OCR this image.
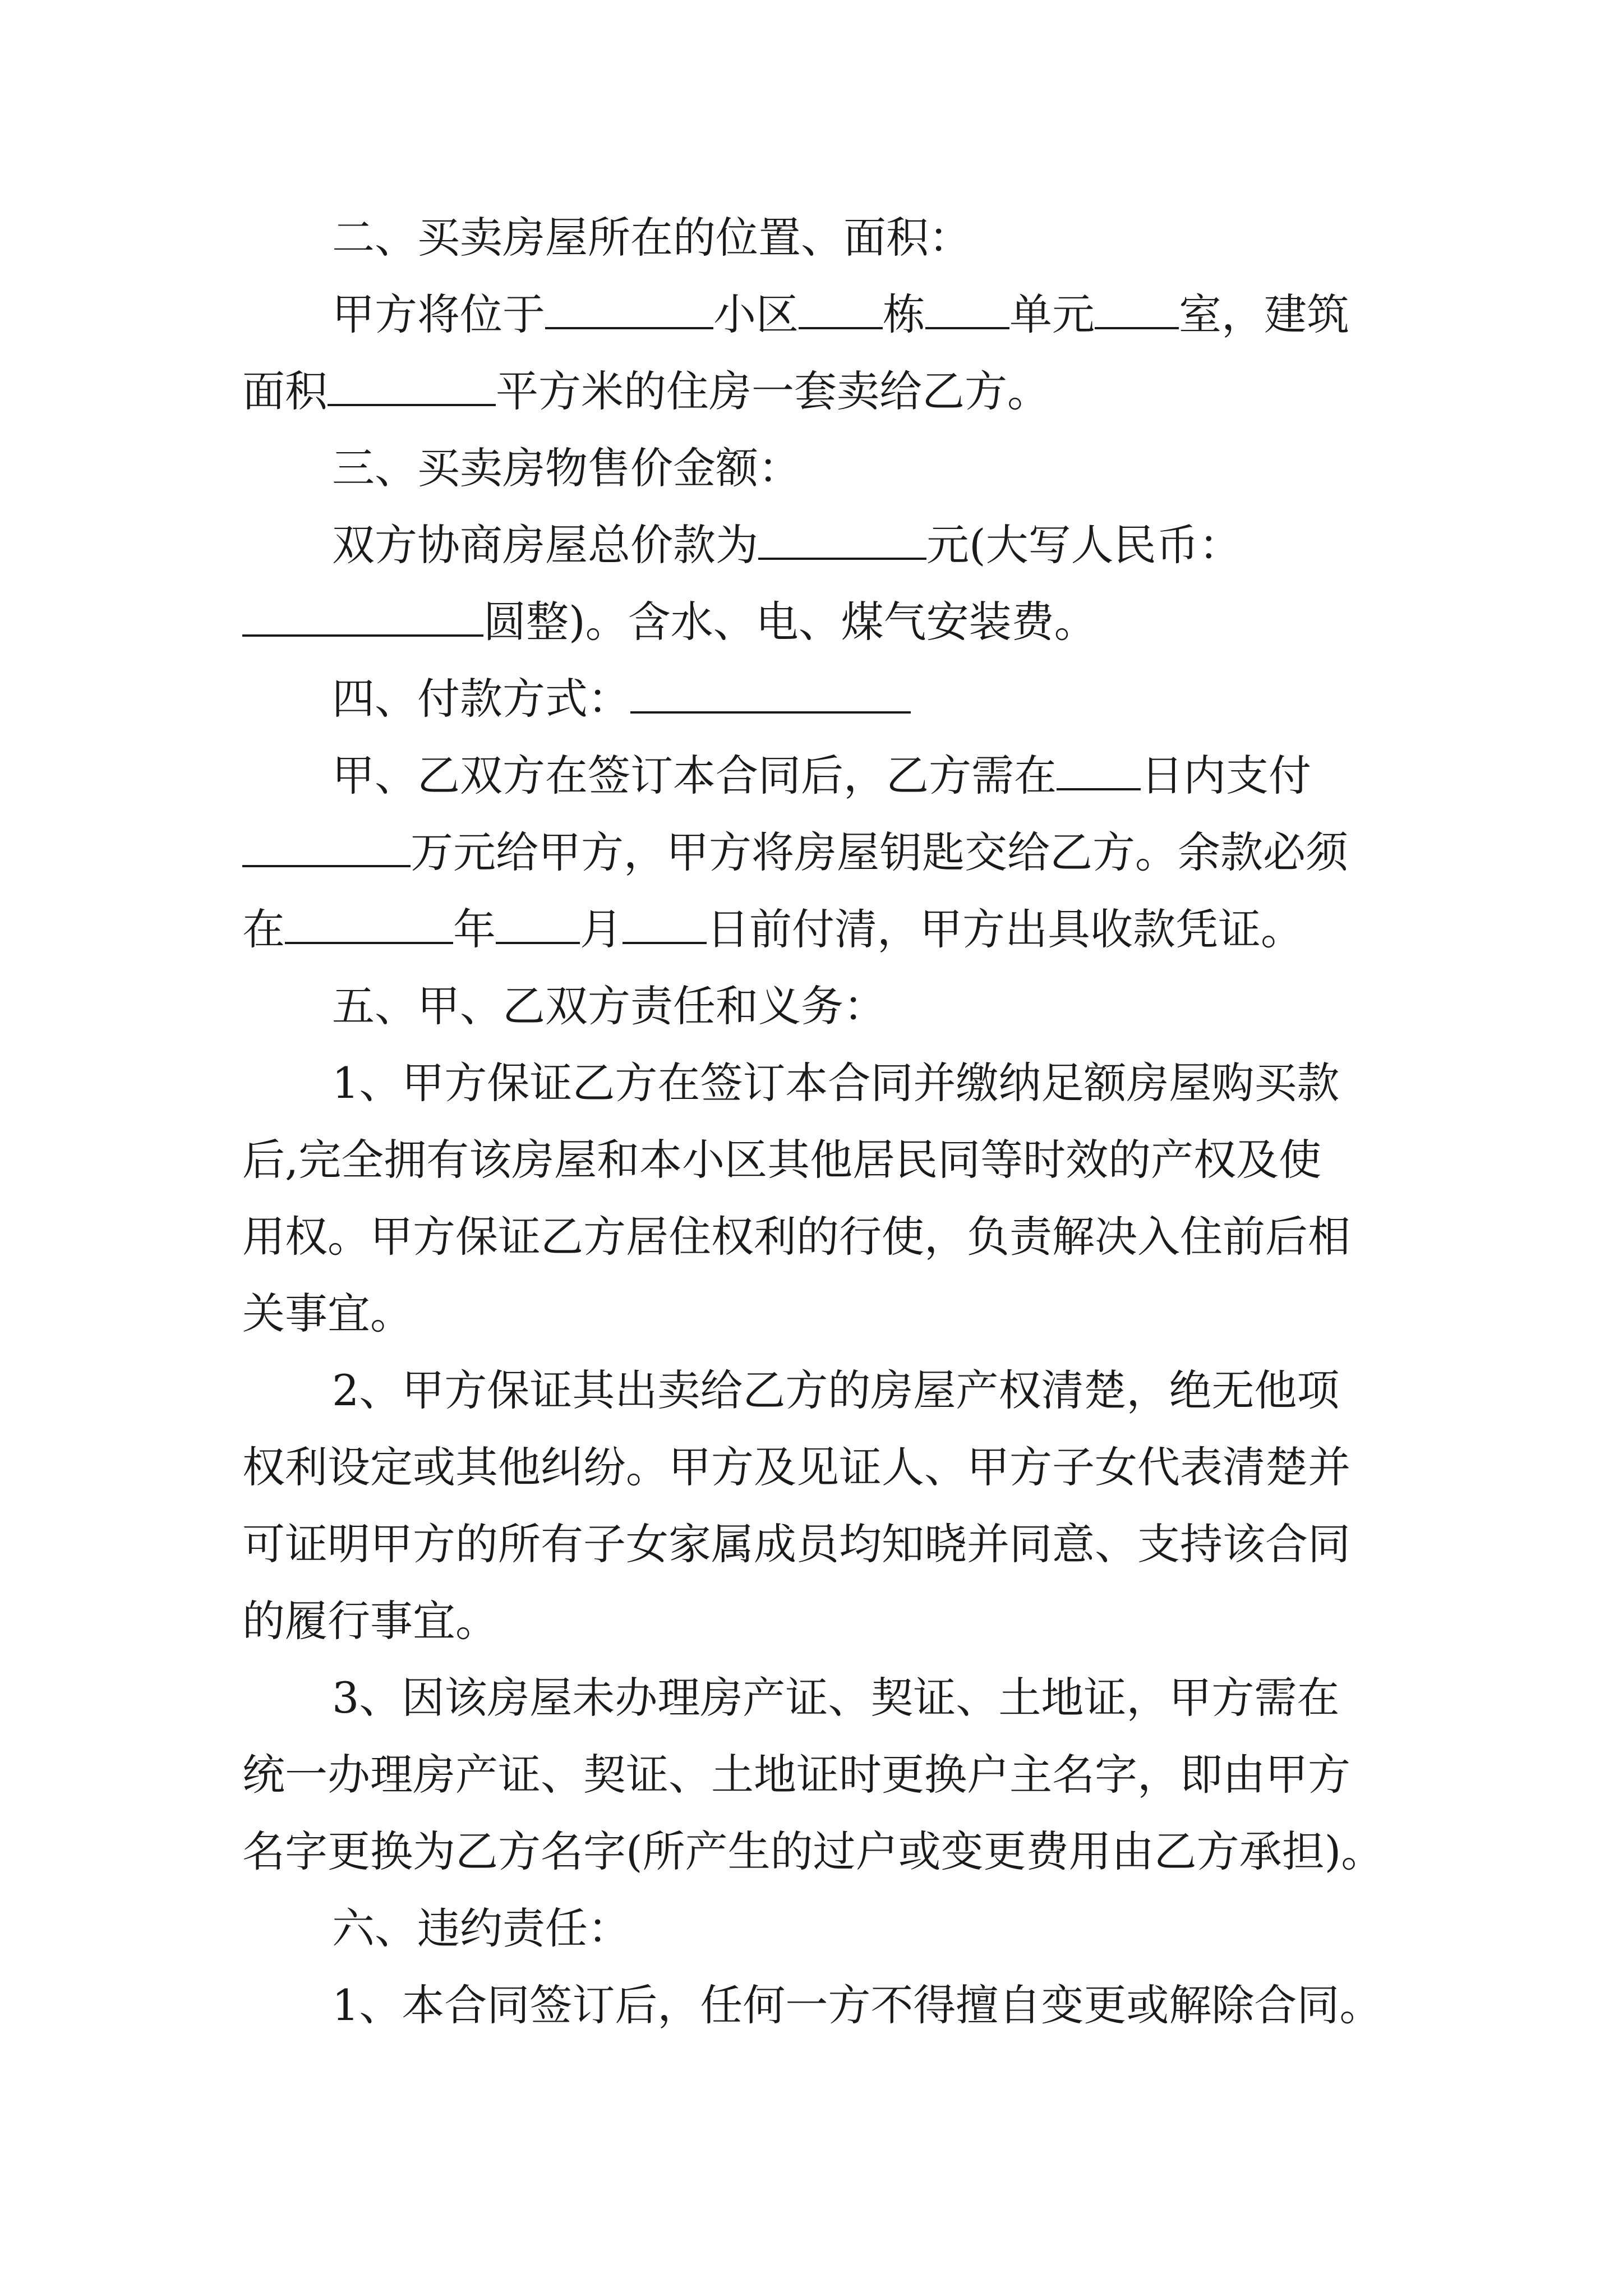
二、买卖房屋所在的位置、面积：

甲方将位于	小区 栋 单元 室，建筑

面积	平方米的住房一套卖给乙方。

三、买卖房物售价金额：

双方协商房屋总价款为	元(大写人民币：

圆整)。含水、电、煤气安装费。

四、付款方式：

甲、乙双方在签订本合同后，乙方需在 日内支付

万元给甲方，甲方将房屋钥匙交给乙方。余款必须

在	年 月 日前付清，甲方出具收款凭证。

五、甲、乙双方责任和义务：

1、甲方保证乙方在签订本合同并缴纳足额房屋购买款

后,完全拥有该房屋和本小区其他居民同等时效的产权及使

用权。甲方保证乙方居住权利的行使，负责解决入住前后相

关事宜。

2、甲方保证其出卖给乙方的房屋产权清楚，绝无他项

权利设定或其他纠纷。甲方及见证人、甲方子女代表清楚并

可证明甲方的所有子女家属成员均知晓并同意、支持该合同

的履行事宜。

3、因该房屋未办理房产证、契证、土地证，甲方需在

统一办理房产证、契证、土地证时更换户主名字，即由甲方

名字更换为乙方名字(所产生的过户或变更费用由乙方承担)。

六、违约责任：

1、本合同签订后，任何一方不得擅自变更或解除合同。
